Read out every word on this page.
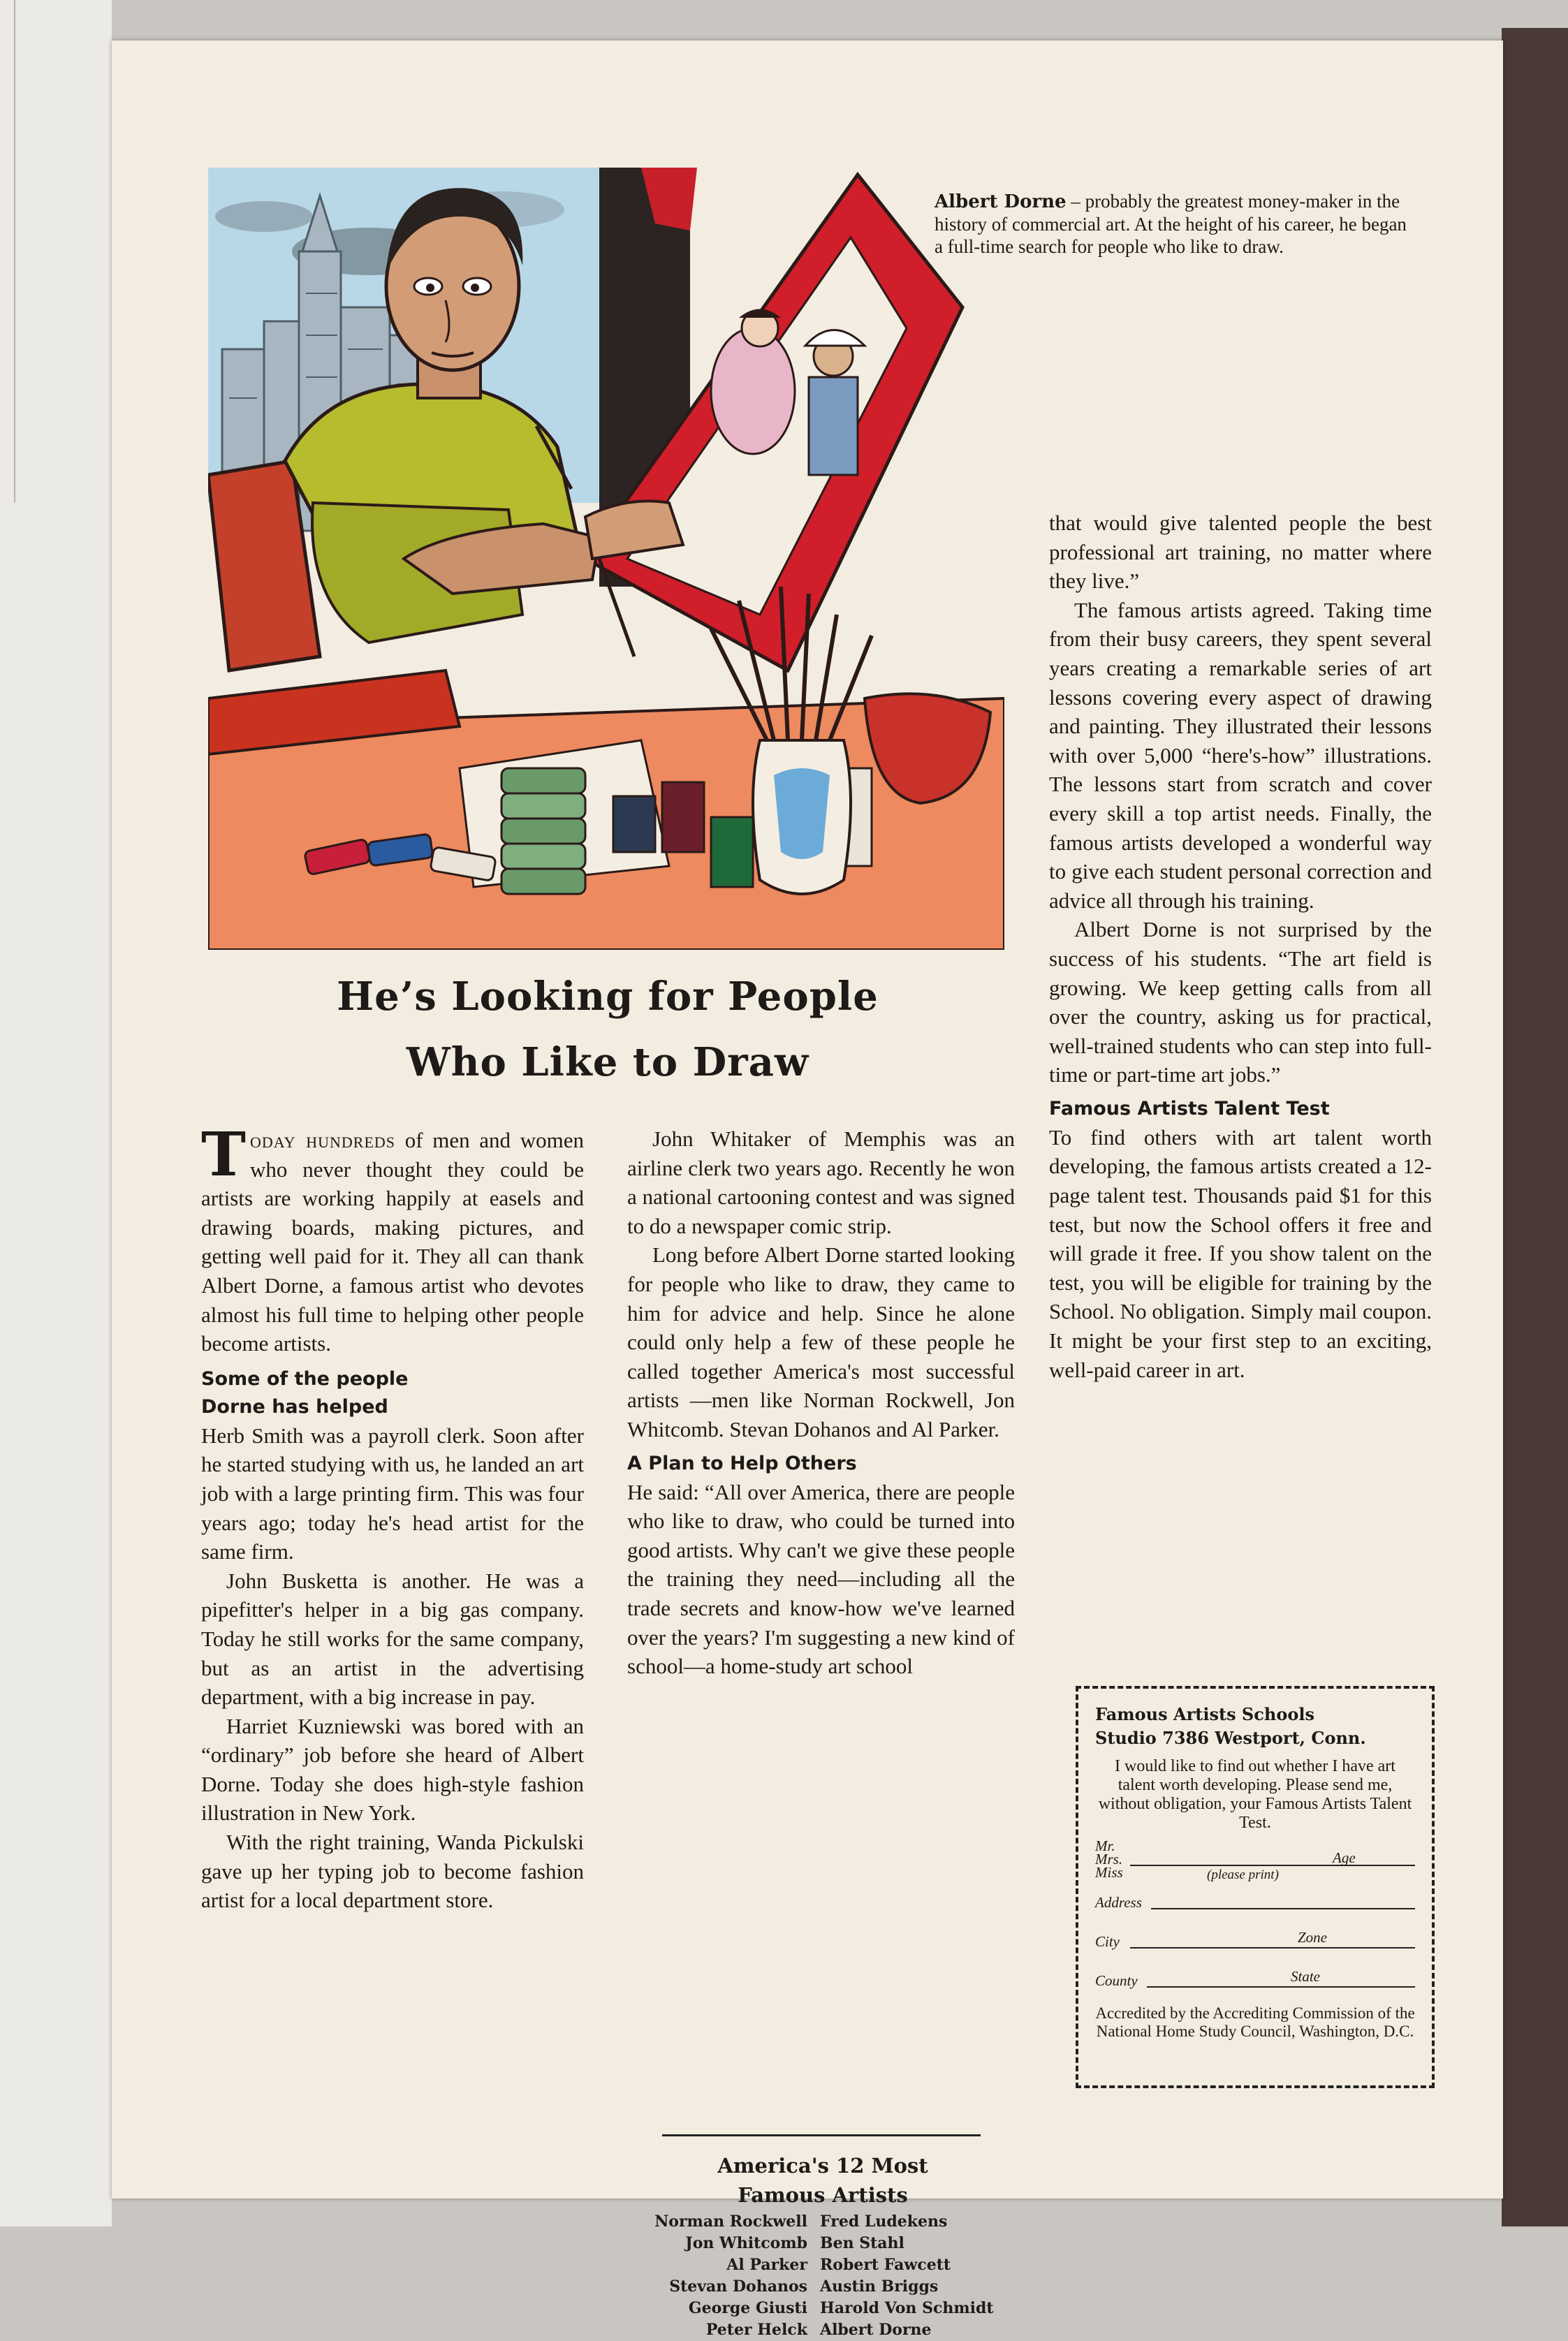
Albert Dorne – probably the greatest money-maker in the history of commercial art. At the height of his career, he began a full-time search for people who like to draw.
He’s Looking for People
Who Like to Draw

Today hundreds of men and women who never thought they could be artists are working happily at easels and drawing boards, making pictures, and getting well paid for it. They all can thank Albert Dorne, a famous artist who devotes almost his full time to helping other people become artists.

Some of the people
Dorne has helped

Herb Smith was a payroll clerk. Soon after he started studying with us, he landed an art job with a large printing firm. This was four years ago; today he's head artist for the same firm.

John Busketta is another. He was a pipefitter's helper in a big gas company. Today he still works for the same company, but as an artist in the advertising department, with a big increase in pay.

Harriet Kuzniewski was bored with an “ordinary” job before she heard of Albert Dorne. Today she does high-style fashion illustration in New York.

With the right training, Wanda Pickulski gave up her typing job to become fashion artist for a local department store.

John Whitaker of Memphis was an airline clerk two years ago. Recently he won a national cartooning contest and was signed to do a newspaper comic strip.

Long before Albert Dorne started looking for people who like to draw, they came to him for advice and help. Since he alone could only help a few of these people he called together America's most successful artists —men like Norman Rockwell, Jon Whitcomb. Stevan Dohanos and Al Parker.

A Plan to Help Others

He said: “All over America, there are people who like to draw, who could be turned into good artists. Why can't we give these people the training they need—including all the trade secrets and know-how we've learned over the years? I'm suggesting a new kind of school—a home-study art school

that would give talented people the best professional art training, no matter where they live.”

The famous artists agreed. Taking time from their busy careers, they spent several years creating a remarkable series of art lessons covering every aspect of drawing and painting. They illustrated their lessons with over 5,000 “here's-how” illustrations. The lessons start from scratch and cover every skill a top artist needs. Finally, the famous artists developed a wonderful way to give each student personal correction and advice all through his training.

Albert Dorne is not surprised by the success of his students. “The art field is growing. We keep getting calls from all over the country, asking us for practical, well-trained students who can step into full-time or part-time art jobs.”

Famous Artists Talent Test

To find others with art talent worth developing, the famous artists created a 12-page talent test. Thousands paid $1 for this test, but now the School offers it free and will grade it free. If you show talent on the test, you will be eligible for training by the School. No obligation. Simply mail coupon. It might be your first step to an exciting, well-paid career in art.

America's 12 Most
Famous Artists
Norman Rockwell Fred Ludekens
Jon Whitcomb Ben Stahl
Al Parker Robert Fawcett
Stevan Dohanos Austin Briggs
George Giusti Harold Von Schmidt
Peter Helck Albert Dorne
Famous Artists Schools
Studio 7386 Westport, Conn.
I would like to find out whether I have art talent worth developing. Please send me, without obligation, your Famous Artists Talent Test.
Mr.
Mrs.
Miss
Age
(please print)
Address
City	Zone
County	State
Accredited by the Accrediting Commission of the National Home Study Council, Washington, D.C.
